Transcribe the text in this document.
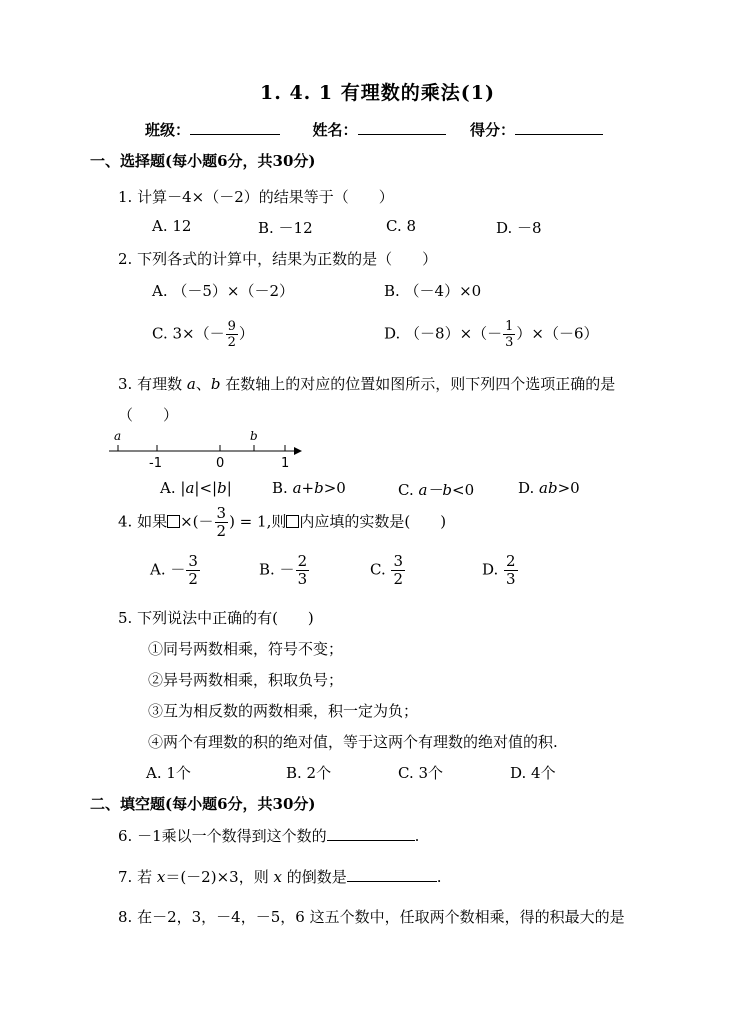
1. 4. 1 有理数的乘法(1)
班级：	姓名：	得分：
一、选择题(每小题6分，共30分)
1. 计算－4×（－2）的结果等于（　　）
A. 12	B. －12	C. 8	D. －8
2. 下列各式的计算中，结果为正数的是（　　）
A. （－5）×（－2）	B. （－4）×0
C. $3\times(- \frac{9}{2}$ ）	D. $(-8)\times(- \frac{1}{3} )\times(-6)$
3. 有理数 a、b 在数轴上的对应的位置如图所示，则下列四个选项正确的是
（　　）
a	b
-1	0	1
A. |a|<|b|	B. a+b>0	C. a－b<0	D. ab>0
4. 如果 ×(－ $\frac{3}{2}$ ) = 1,则 内应填的实数是(　　)
A. － $\frac{3}{2}$	B. － $\frac{2}{3}$	C. $\frac{3}{2}$	D. $\frac{2}{3}$
5. 下列说法中正确的有(　　)
①同号两数相乘，符号不变；
②异号两数相乘，积取负号；
③互为相反数的两数相乘，积一定为负；
④两个有理数的积的绝对值，等于这两个有理数的绝对值的积.
A. 1个	B. 2个	C. 3个	D. 4个
二、填空题(每小题6分，共30分)
6. －1乘以一个数得到这个数的	.
7. 若 x＝(－2)×3，则 x 的倒数是	.
8. 在－2，3，－4，－5，6 这五个数中，任取两个数相乘，得的积最大的是
